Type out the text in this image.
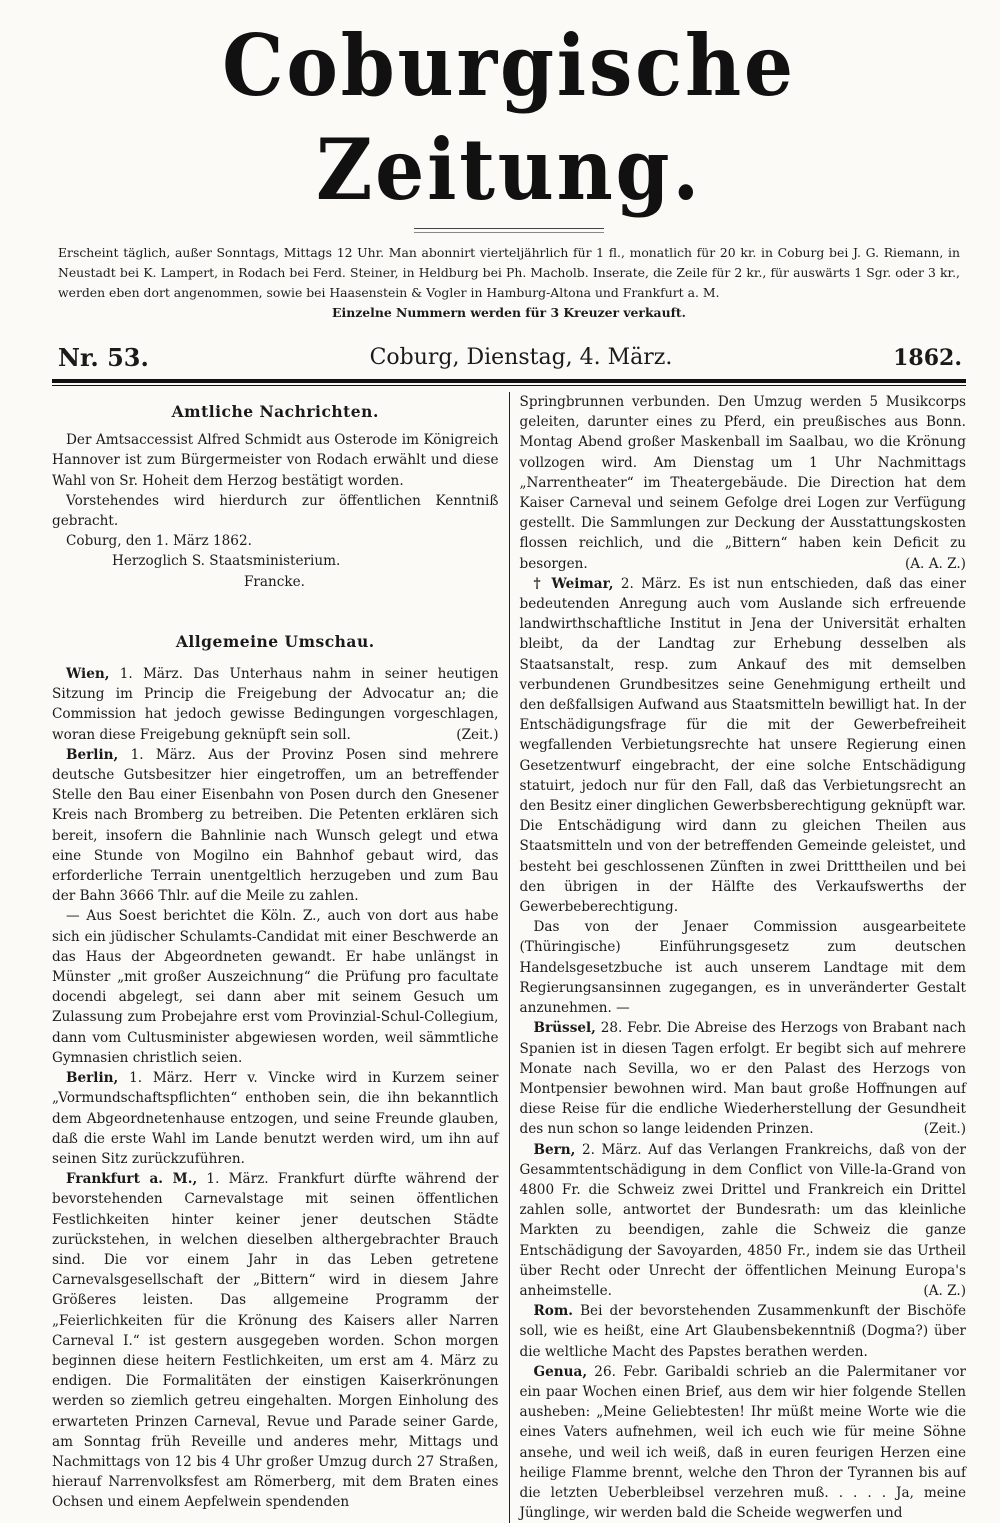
Coburgische Zeitung.

Erscheint täglich, außer Sonntags, Mittags 12 Uhr. Man abonnirt vierteljährlich für 1 fl., monatlich für 20 kr. in Coburg bei J. G. Riemann, in Neustadt bei K. Lampert, in Rodach bei Ferd. Steiner, in Heldburg bei Ph. Macholb. Inserate, die Zeile für 2 kr., für auswärts 1 Sgr. oder 3 kr., werden eben dort angenommen, sowie bei Haasenstein & Vogler in Hamburg-Altona und Frankfurt a. M.

Einzelne Nummern werden für 3 Kreuzer verkauft.

Nr. 53.	Coburg, Dienstag, 4. März.	1862.
Amtliche Nachrichten.

Der Amtsaccessist Alfred Schmidt aus Osterode im Königreich Hannover ist zum Bürgermeister von Rodach erwählt und diese Wahl von Sr. Hoheit dem Herzog bestätigt worden.

Vorstehendes wird hierdurch zur öffentlichen Kenntniß gebracht.

Coburg, den 1. März 1862.

Herzoglich S. Staatsministerium.

Francke.

Allgemeine Umschau.

Wien, 1. März. Das Unterhaus nahm in seiner heutigen Sitzung im Princip die Freigebung der Advocatur an; die Commission hat jedoch gewisse Bedingungen vorgeschlagen, woran diese Freigebung geknüpft sein soll.	(Zeit.)

Berlin, 1. März. Aus der Provinz Posen sind mehrere deutsche Gutsbesitzer hier eingetroffen, um an betreffender Stelle den Bau einer Eisenbahn von Posen durch den Gnesener Kreis nach Bromberg zu betreiben. Die Petenten erklären sich bereit, insofern die Bahnlinie nach Wunsch gelegt und etwa eine Stunde von Mogilno ein Bahnhof gebaut wird, das erforderliche Terrain unentgeltlich herzugeben und zum Bau der Bahn 3666 Thlr. auf die Meile zu zahlen.

— Aus Soest berichtet die Köln. Z., auch von dort aus habe sich ein jüdischer Schulamts-Candidat mit einer Beschwerde an das Haus der Abgeordneten gewandt. Er habe unlängst in Münster „mit großer Auszeichnung“ die Prüfung pro facultate docendi abgelegt, sei dann aber mit seinem Gesuch um Zulassung zum Probejahre erst vom Provinzial-Schul-Collegium, dann vom Cultusminister abgewiesen worden, weil sämmtliche Gymnasien christlich seien.

Berlin, 1. März. Herr v. Vincke wird in Kurzem seiner „Vormundschaftspflichten“ enthoben sein, die ihn bekanntlich dem Abgeordnetenhause entzogen, und seine Freunde glauben, daß die erste Wahl im Lande benutzt werden wird, um ihn auf seinen Sitz zurückzuführen.

Frankfurt a. M., 1. März. Frankfurt dürfte während der bevorstehenden Carnevalstage mit seinen öffentlichen Festlichkeiten hinter keiner jener deutschen Städte zurückstehen, in welchen dieselben althergebrachter Brauch sind. Die vor einem Jahr in das Leben getretene Carnevalsgesellschaft der „Bittern“ wird in diesem Jahre Größeres leisten. Das allgemeine Programm der „Feierlichkeiten für die Krönung des Kaisers aller Narren Carneval I.“ ist gestern ausgegeben worden. Schon morgen beginnen diese heitern Festlichkeiten, um erst am 4. März zu endigen. Die Formalitäten der einstigen Kaiserkrönungen werden so ziemlich getreu eingehalten. Morgen Einholung des erwarteten Prinzen Carneval, Revue und Parade seiner Garde, am Sonntag früh Reveille und anderes mehr, Mittags und Nachmittags von 12 bis 4 Uhr großer Umzug durch 27 Straßen, hierauf Narrenvolksfest am Römerberg, mit dem Braten eines Ochsen und einem Aepfelwein spendenden

Springbrunnen verbunden. Den Umzug werden 5 Musikcorps geleiten, darunter eines zu Pferd, ein preußisches aus Bonn. Montag Abend großer Maskenball im Saalbau, wo die Krönung vollzogen wird. Am Dienstag um 1 Uhr Nachmittags „Narrentheater“ im Theatergebäude. Die Direction hat dem Kaiser Carneval und seinem Gefolge drei Logen zur Verfügung gestellt. Die Sammlungen zur Deckung der Ausstattungskosten flossen reichlich, und die „Bittern“ haben kein Deficit zu besorgen.	(A. A. Z.)

† Weimar, 2. März. Es ist nun entschieden, daß das einer bedeutenden Anregung auch vom Auslande sich erfreuende landwirthschaftliche Institut in Jena der Universität erhalten bleibt, da der Landtag zur Erhebung desselben als Staatsanstalt, resp. zum Ankauf des mit demselben verbundenen Grundbesitzes seine Genehmigung ertheilt und den deßfallsigen Aufwand aus Staatsmitteln bewilligt hat. In der Entschädigungsfrage für die mit der Gewerbefreiheit wegfallenden Verbietungsrechte hat unsere Regierung einen Gesetzentwurf eingebracht, der eine solche Entschädigung statuirt, jedoch nur für den Fall, daß das Verbietungsrecht an den Besitz einer dinglichen Gewerbsberechtigung geknüpft war. Die Entschädigung wird dann zu gleichen Theilen aus Staatsmitteln und von der betreffenden Gemeinde geleistet, und besteht bei geschlossenen Zünften in zwei Dritttheilen und bei den übrigen in der Hälfte des Verkaufswerths der Gewerbeberechtigung.

Das von der Jenaer Commission ausgearbeitete (Thüringische) Einführungsgesetz zum deutschen Handelsgesetzbuche ist auch unserem Landtage mit dem Regierungsansinnen zugegangen, es in unveränderter Gestalt anzunehmen. —

Brüssel, 28. Febr. Die Abreise des Herzogs von Brabant nach Spanien ist in diesen Tagen erfolgt. Er begibt sich auf mehrere Monate nach Sevilla, wo er den Palast des Herzogs von Montpensier bewohnen wird. Man baut große Hoffnungen auf diese Reise für die endliche Wiederherstellung der Gesundheit des nun schon so lange leidenden Prinzen.	(Zeit.)

Bern, 2. März. Auf das Verlangen Frankreichs, daß von der Gesammtentschädigung in dem Conflict von Ville-la-Grand von 4800 Fr. die Schweiz zwei Drittel und Frankreich ein Drittel zahlen solle, antwortet der Bundesrath: um das kleinliche Markten zu beendigen, zahle die Schweiz die ganze Entschädigung der Savoyarden, 4850 Fr., indem sie das Urtheil über Recht oder Unrecht der öffentlichen Meinung Europa's anheimstelle.	(A. Z.)

Rom. Bei der bevorstehenden Zusammenkunft der Bischöfe soll, wie es heißt, eine Art Glaubensbekenntniß (Dogma?) über die weltliche Macht des Papstes berathen werden.

Genua, 26. Febr. Garibaldi schrieb an die Palermitaner vor ein paar Wochen einen Brief, aus dem wir hier folgende Stellen ausheben: „Meine Geliebtesten! Ihr müßt meine Worte wie die eines Vaters aufnehmen, weil ich euch wie für meine Söhne ansehe, und weil ich weiß, daß in euren feurigen Herzen eine heilige Flamme brennt, welche den Thron der Tyrannen bis auf die letzten Ueberbleibsel verzehren muß. . . . . Ja, meine Jünglinge, wir werden bald die Scheide wegwerfen und
